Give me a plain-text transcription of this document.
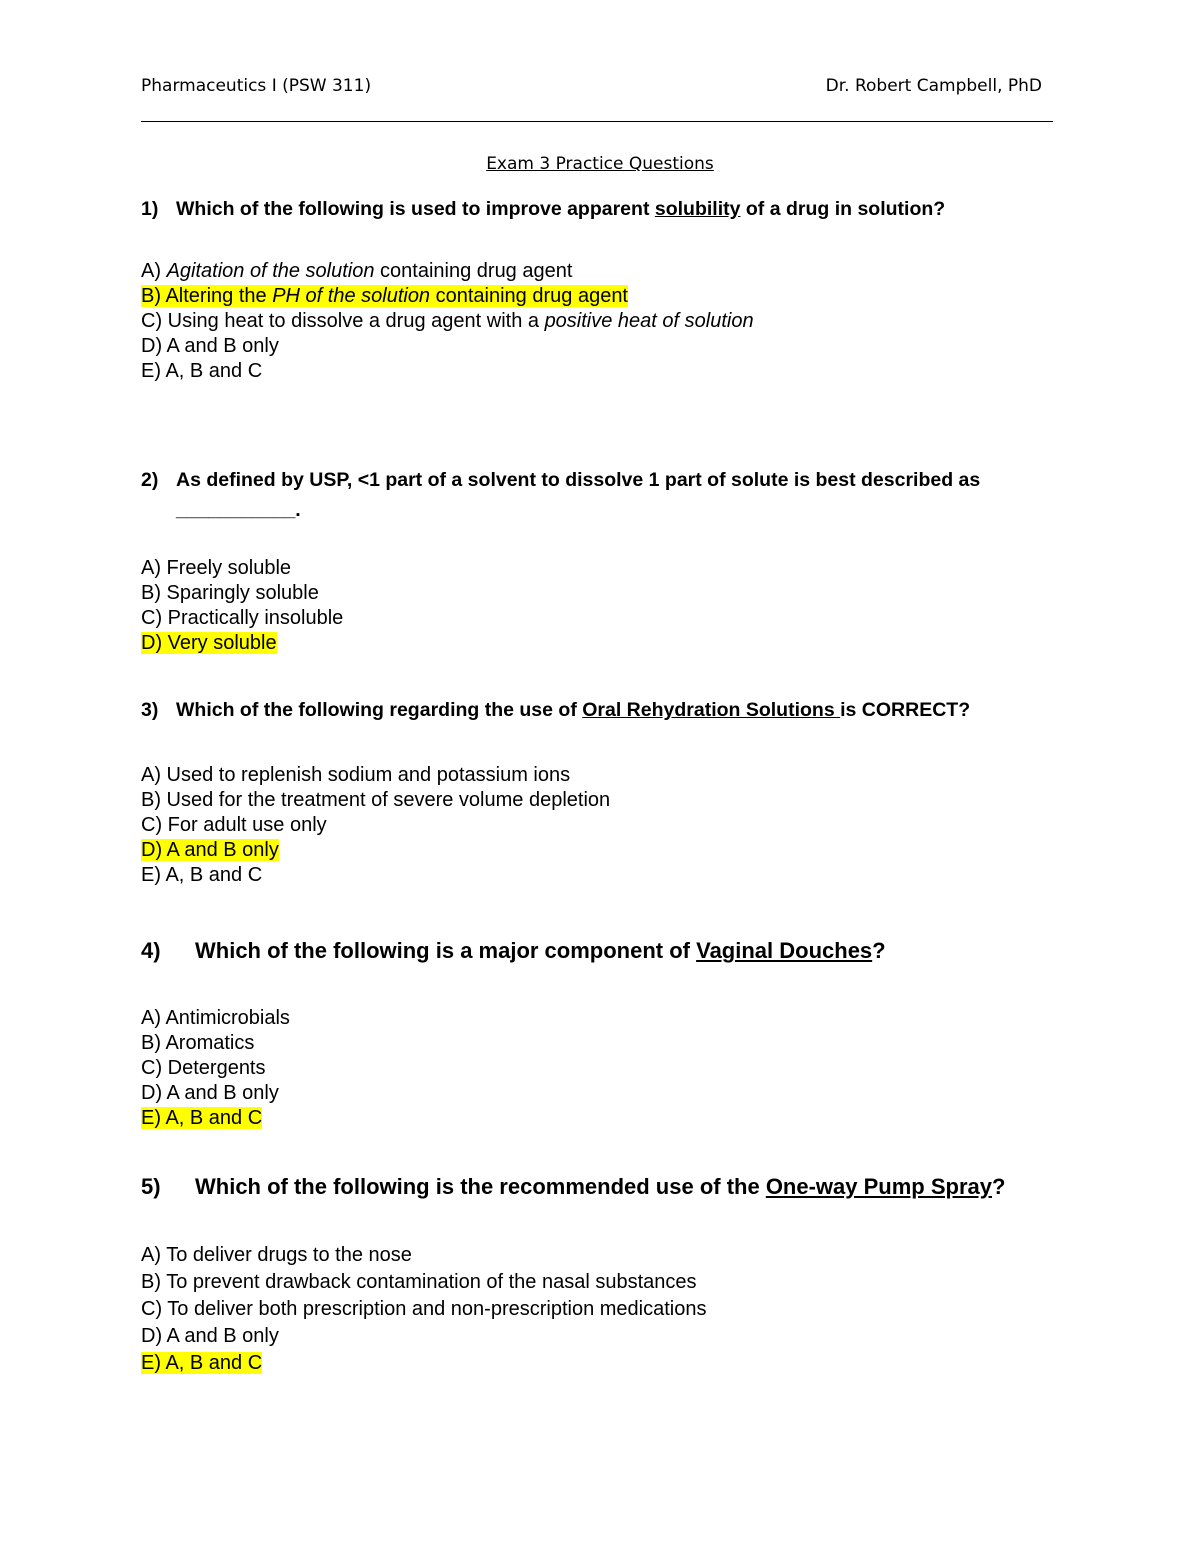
Pharmaceutics I (PSW 311)	Dr. Robert Campbell, PhD
Exam 3 Practice Questions
1) Which of the following is used to improve apparent solubility of a drug in solution?
A) Agitation of the solution containing drug agent
B) Altering the PH of the solution containing drug agent
C) Using heat to dissolve a drug agent with a positive heat of solution
D) A and B only
E) A, B and C
2) As defined by USP, <1 part of a solvent to dissolve 1 part of solute is best described as ___________.
A) Freely soluble
B) Sparingly soluble
C) Practically insoluble
D) Very soluble
3) Which of the following regarding the use of Oral Rehydration Solutions is CORRECT?
A) Used to replenish sodium and potassium ions
B) Used for the treatment of severe volume depletion
C) For adult use only
D) A and B only
E) A, B and C
4) Which of the following is a major component of Vaginal Douches?
A) Antimicrobials
B) Aromatics
C) Detergents
D) A and B only
E) A, B and C
5) Which of the following is the recommended use of the One-way Pump Spray?
A) To deliver drugs to the nose
B) To prevent drawback contamination of the nasal substances
C) To deliver both prescription and non-prescription medications
D) A and B only
E) A, B and C
